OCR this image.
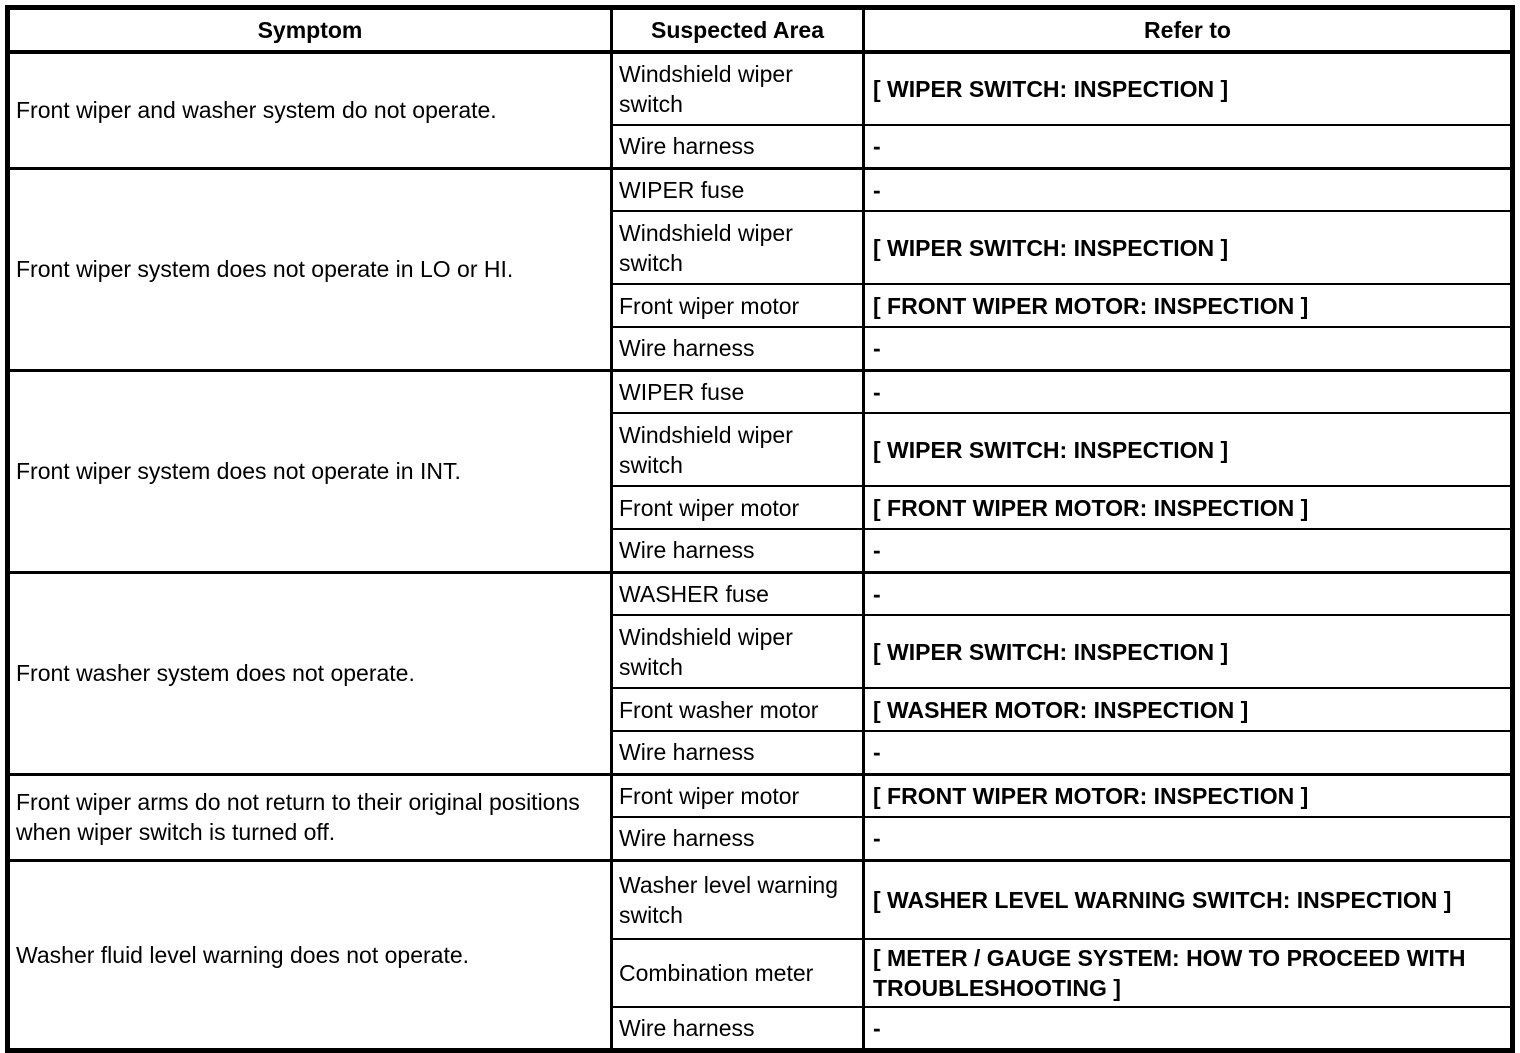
Symptom	Suspected Area	Refer to
Front wiper and washer system do not operate.	Windshield wiper switch	[ WIPER SWITCH: INSPECTION ]
	Wire harness	-
Front wiper system does not operate in LO or HI.	WIPER fuse	-
	Windshield wiper switch	[ WIPER SWITCH: INSPECTION ]
	Front wiper motor	[ FRONT WIPER MOTOR: INSPECTION ]
	Wire harness	-
Front wiper system does not operate in INT.	WIPER fuse	-
	Windshield wiper switch	[ WIPER SWITCH: INSPECTION ]
	Front wiper motor	[ FRONT WIPER MOTOR: INSPECTION ]
	Wire harness	-
Front washer system does not operate.	WASHER fuse	-
	Windshield wiper switch	[ WIPER SWITCH: INSPECTION ]
	Front washer motor	[ WASHER MOTOR: INSPECTION ]
	Wire harness	-
Front wiper arms do not return to their original positions when wiper switch is turned off.	Front wiper motor	[ FRONT WIPER MOTOR: INSPECTION ]
	Wire harness	-
Washer fluid level warning does not operate.	Washer level warning switch	[ WASHER LEVEL WARNING SWITCH: INSPECTION ]
	Combination meter	[ METER / GAUGE SYSTEM: HOW TO PROCEED WITH TROUBLESHOOTING ]
	Wire harness	-
